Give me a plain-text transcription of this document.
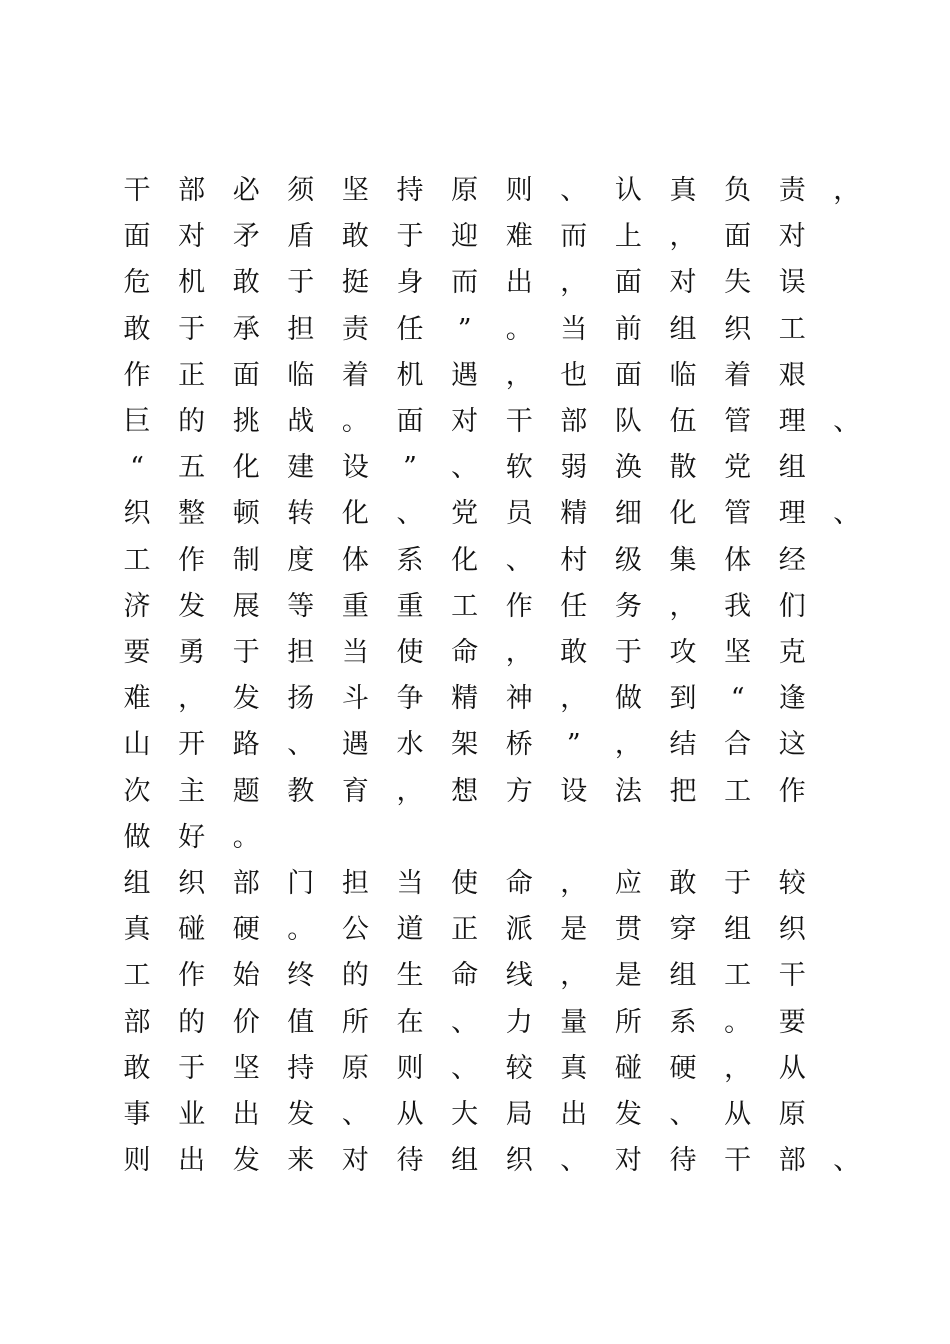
干 部 必 须 坚 持 原 则 、 认 真 负 责 ，
面 对 矛 盾 敢 于 迎 难 而 上 ， 面 对
危 机 敢 于 挺 身 而 出 ， 面 对 失 误
敢 于 承 担 责 任 ” 。 当 前 组 织 工
作 正 面 临 着 机 遇 ， 也 面 临 着 艰
巨 的 挑 战 。 面 对 干 部 队 伍 管 理 、
“ 五 化 建 设 ” 、 软 弱 涣 散 党 组
织 整 顿 转 化 、 党 员 精 细 化 管 理 、
工 作 制 度 体 系 化 、 村 级 集 体 经
济 发 展 等 重 重 工 作 任 务 ， 我 们
要 勇 于 担 当 使 命 ， 敢 于 攻 坚 克
难 ， 发 扬 斗 争 精 神 ， 做 到 “ 逢
山 开 路 、 遇 水 架 桥 ” ， 结 合 这
次 主 题 教 育 ， 想 方 设 法 把 工 作
做 好 。
组 织 部 门 担 当 使 命 ， 应 敢 于 较
真 碰 硬 。 公 道 正 派 是 贯 穿 组 织
工 作 始 终 的 生 命 线 ， 是 组 工 干
部 的 价 值 所 在 、 力 量 所 系 。 要
敢 于 坚 持 原 则 、 较 真 碰 硬 ， 从
事 业 出 发 、 从 大 局 出 发 、 从 原
则 出 发 来 对 待 组 织 、 对 待 干 部 、
